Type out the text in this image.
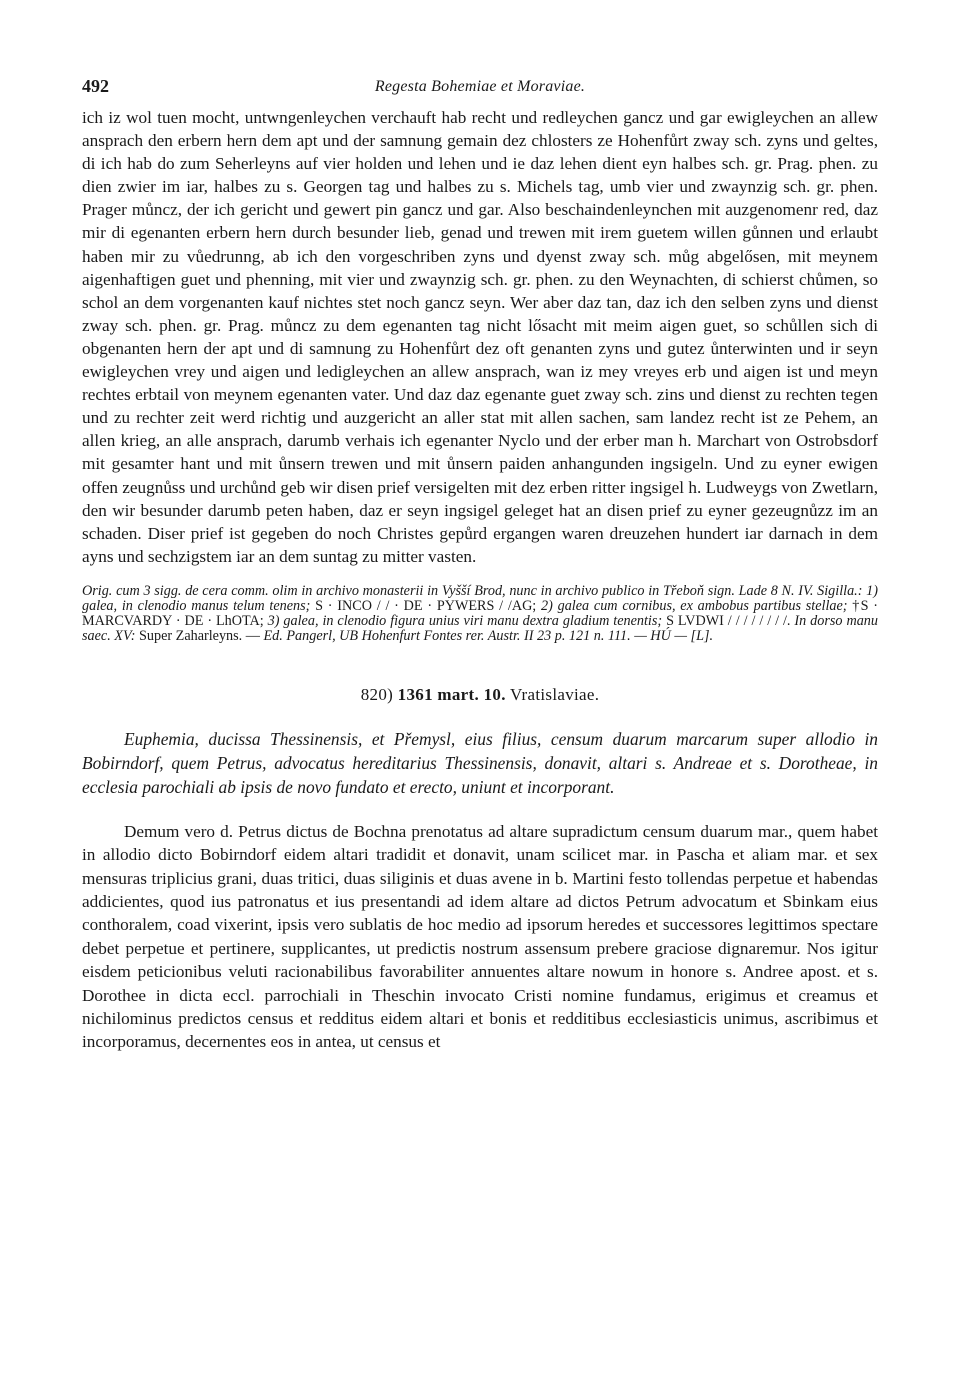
492	Regesta Bohemiae et Moraviae.

ich iz wol tuen mocht, untwngenleychen verchauft hab recht und redleychen gancz und gar ewigleychen an allew ansprach den erbern hern dem apt und der samnung gemain dez chlosters ze Hohenfůrt zway sch. zyns und geltes, di ich hab do zum Seherleyns auf vier holden und lehen und ie daz lehen dient eyn halbes sch. gr. Prag. phen. zu dien zwier im iar, halbes zu s. Georgen tag und halbes zu s. Michels tag, umb vier und zwaynzig sch. gr. phen. Prager můncz, der ich gericht und gewert pin gancz und gar. Also beschaindenleynchen mit auzgenomenr red, daz mir di egenanten erbern hern durch besunder lieb, genad und trewen mit irem guetem willen gůnnen und erlaubt haben mir zu vůedrunng, ab ich den vorgeschriben zyns und dyenst zway sch. můg abgelősen, mit meynem aigenhaftigen guet und phenning, mit vier und zwaynzig sch. gr. phen. zu den Weynachten, di schierst chůmen, so schol an dem vorgenanten kauf nichtes stet noch gancz seyn. Wer aber daz tan, daz ich den selben zyns und dienst zway sch. phen. gr. Prag. můncz zu dem egenanten tag nicht lősacht mit meim aigen guet, so schůllen sich di obgenanten hern der apt und di samnung zu Hohenfůrt dez oft genanten zyns und gutez ůnterwinten und ir seyn ewigleychen vrey und aigen und ledigleychen an allew ansprach, wan iz mey vreyes erb und aigen ist und meyn rechtes erbtail von meynem egenanten vater. Und daz daz egenante guet zway sch. zins und dienst zu rechten tegen und zu rechter zeit werd richtig und auzgericht an aller stat mit allen sachen, sam landez recht ist ze Pehem, an allen krieg, an alle ansprach, darumb verhais ich egenanter Nyclo und der erber man h. Marchart von Ostrobsdorf mit gesamter hant und mit ůnsern trewen und mit ůnsern paiden anhangunden ingsigeln. Und zu eyner ewigen offen zeugnůss und urchůnd geb wir disen prief versigelten mit dez erben ritter ingsigel h. Ludweygs von Zwetlarn, den wir besunder darumb peten haben, daz er seyn ingsigel geleget hat an disen prief zu eyner gezeugnůzz im an schaden. Diser prief ist gegeben do noch Christes gepůrd ergangen waren dreuzehen hundert iar darnach in dem ayns und sechzigstem iar an dem suntag zu mitter vasten.

Orig. cum 3 sigg. de cera comm. olim in archivo monasterii in Vyšší Brod, nunc in archivo publico in Třeboň sign. Lade 8 N. IV. Sigilla.: 1) galea, in clenodio manus telum tenens; S · INCO / / · DE · PYWERS / /AG; 2) galea cum cornibus, ex ambobus partibus stellae; †S · MARCVARDY · DE · LhOTA; 3) galea, in clenodio figura unius viri manu dextra gladium tenentis; S LVDWI / / / / / / / /. In dorso manu saec. XV: Super Zaharleyns. — Ed. Pangerl, UB Hohenfurt Fontes rer. Austr. II 23 p. 121 n. 111. — HÚ — [L].
820) 1361 mart. 10. Vratislaviae.

Euphemia, ducissa Thessinensis, et Přemysl, eius filius, censum duarum marcarum super allodio in Bobirndorf, quem Petrus, advocatus hereditarius Thessinensis, donavit, altari s. Andreae et s. Dorotheae, in ecclesia parochiali ab ipsis de novo fundato et erecto, uniunt et incorporant.

Demum vero d. Petrus dictus de Bochna prenotatus ad altare supradictum censum duarum mar., quem habet in allodio dicto Bobirndorf eidem altari tradidit et donavit, unam scilicet mar. in Pascha et aliam mar. et sex mensuras triplicius grani, duas tritici, duas siliginis et duas avene in b. Martini festo tollendas perpetue et habendas addicientes, quod ius patronatus et ius presentandi ad idem altare ad dictos Petrum advocatum et Sbinkam eius conthoralem, coad vixerint, ipsis vero sublatis de hoc medio ad ipsorum heredes et successores legittimos spectare debet perpetue et pertinere, supplicantes, ut predictis nostrum assensum prebere graciose dignaremur. Nos igitur eisdem peticionibus veluti racionabilibus favorabiliter annuentes altare nowum in honore s. Andree apost. et s. Dorothee in dicta eccl. parrochiali in Theschin invocato Cristi nomine fundamus, erigimus et creamus et nichilominus predictos census et redditus eidem altari et bonis et redditibus ecclesiasticis unimus, ascribimus et incorporamus, decernentes eos in antea, ut census et
